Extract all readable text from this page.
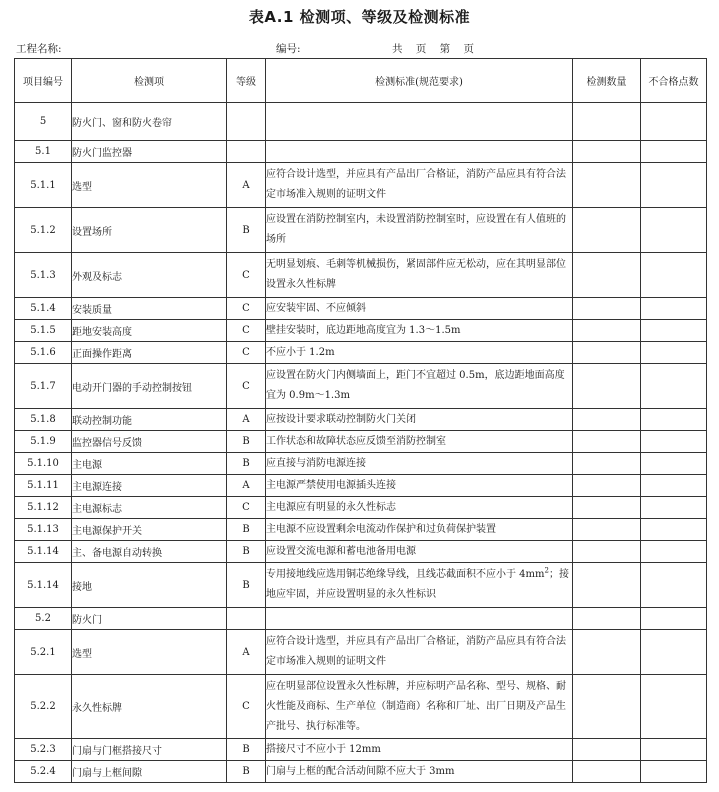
表A.1 检测项、等级及检测标准
工程名称:	编号:	共 页 第 页
项目编号	检测项	等级	检测标准(规范要求)	检测数量	不合格点数
5	防火门、窗和防火卷帘				
5.1	防火门监控器				
5.1.1	选型	A	应符合设计选型，并应具有产品出厂合格证，消防产品应具有符合法定市场准入规则的证明文件		
5.1.2	设置场所	B	应设置在消防控制室内，未设置消防控制室时，应设置在有人值班的场所		
5.1.3	外观及标志	C	无明显划痕、毛刺等机械损伤，紧固部件应无松动，应在其明显部位设置永久性标牌		
5.1.4	安装质量	C	应安装牢固、不应倾斜		
5.1.5	距地安装高度	C	壁挂安装时，底边距地高度宜为 1.3～1.5m		
5.1.6	正面操作距离	C	不应小于 1.2m		
5.1.7	电动开门器的手动控制按钮	C	应设置在防火门内侧墙面上，距门不宜超过 0.5m，底边距地面高度宜为 0.9m～1.3m		
5.1.8	联动控制功能	A	应按设计要求联动控制防火门关闭		
5.1.9	监控器信号反馈	B	工作状态和故障状态应反馈至消防控制室		
5.1.10	主电源	B	应直接与消防电源连接		
5.1.11	主电源连接	A	主电源严禁使用电源插头连接		
5.1.12	主电源标志	C	主电源应有明显的永久性标志		
5.1.13	主电源保护开关	B	主电源不应设置剩余电流动作保护和过负荷保护装置		
5.1.14	主、备电源自动转换	B	应设置交流电源和蓄电池备用电源		
5.1.14	接地	B	专用接地线应选用铜芯绝缘导线，且线芯截面积不应小于 $4mm^2$；接地应牢固，并应设置明显的永久性标识		
5.2	防火门				
5.2.1	选型	A	应符合设计选型，并应具有产品出厂合格证，消防产品应具有符合法定市场准入规则的证明文件		
5.2.2	永久性标牌	C	应在明显部位设置永久性标牌，并应标明产品名称、型号、规格、耐火性能及商标、生产单位（制造商）名称和厂址、出厂日期及产品生产批号、执行标准等。		
5.2.3	门扇与门框搭接尺寸	B	搭接尺寸不应小于 12mm		
5.2.4	门扇与上框间隙	B	门扇与上框的配合活动间隙不应大于 3mm		
